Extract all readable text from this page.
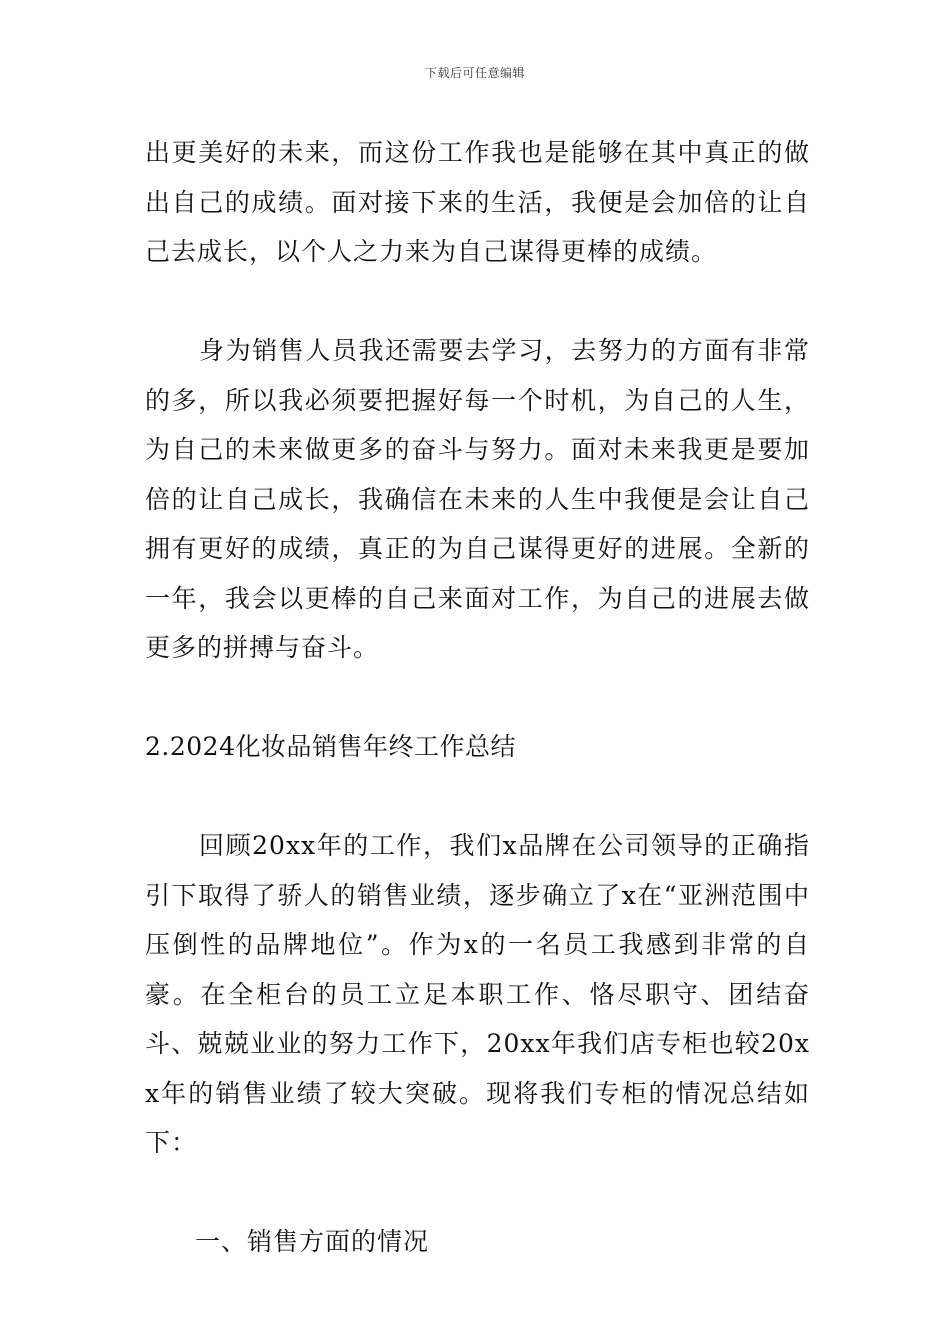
下载后可任意编辑

出更美好的未来，而这份工作我也是能够在其中真正的做出自己的成绩。面对接下来的生活，我便是会加倍的让自己去成长，以个人之力来为自己谋得更棒的成绩。

身为销售人员我还需要去学习，去努力的方面有非常的多，所以我必须要把握好每一个时机，为自己的人生，为自己的未来做更多的奋斗与努力。面对未来我更是要加倍的让自己成长，我确信在未来的人生中我便是会让自己拥有更好的成绩，真正的为自己谋得更好的进展。全新的一年，我会以更棒的自己来面对工作，为自己的进展去做更多的拼搏与奋斗。

2.2024化妆品销售年终工作总结

回顾20xx年的工作，我们x品牌在公司领导的正确指引下取得了骄人的销售业绩，逐步确立了x在“亚洲范围中压倒性的品牌地位”。作为x的一名员工我感到非常的自豪。在全柜台的员工立足本职工作、恪尽职守、团结奋斗、兢兢业业的努力工作下，20xx年我们店专柜也较20xx年的销售业绩了较大突破。现将我们专柜的情况总结如下：

一、销售方面的情况
